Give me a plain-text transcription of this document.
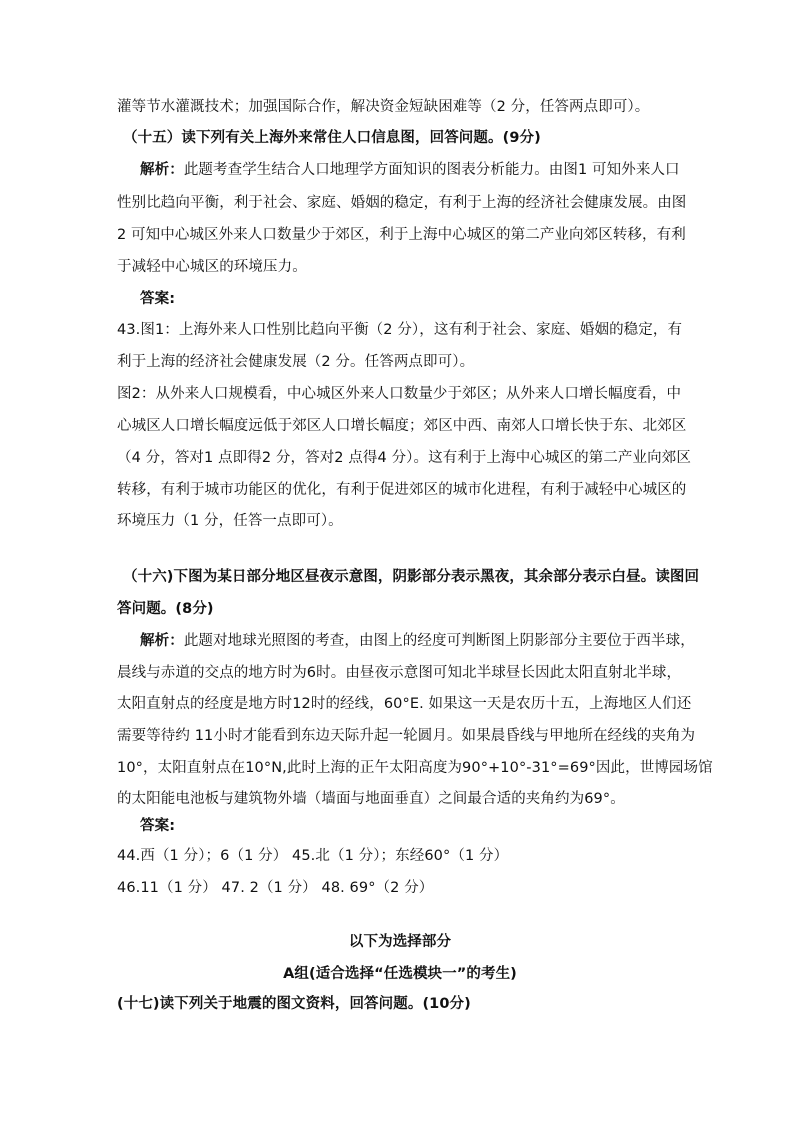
灌等节水灌溉技术；加强国际合作，解决资金短缺困难等（2 分，任答两点即可）。
（十五）读下列有关上海外来常住人口信息图，回答问题。(9分)
解析：此题考查学生结合人口地理学方面知识的图表分析能力。由图1 可知外来人口
性别比趋向平衡，利于社会、家庭、婚姻的稳定，有利于上海的经济社会健康发展。由图
2 可知中心城区外来人口数量少于郊区，利于上海中心城区的第二产业向郊区转移，有利
于减轻中心城区的环境压力。
答案:
43.图1：上海外来人口性别比趋向平衡（2 分），这有利于社会、家庭、婚姻的稳定，有
利于上海的经济社会健康发展（2 分。任答两点即可）。
图2：从外来人口规模看，中心城区外来人口数量少于郊区；从外来人口增长幅度看，中
心城区人口增长幅度远低于郊区人口增长幅度；郊区中西、南郊人口增长快于东、北郊区
（4 分，答对1 点即得2 分，答对2 点得4 分）。这有利于上海中心城区的第二产业向郊区
转移，有利于城市功能区的优化，有利于促进郊区的城市化进程，有利于减轻中心城区的
环境压力（1 分，任答一点即可）。
（十六)下图为某日部分地区昼夜示意图，阴影部分表示黑夜，其余部分表示白昼。读图回
答问题。(8分)
解析：此题对地球光照图的考查，由图上的经度可判断图上阴影部分主要位于西半球，
晨线与赤道的交点的地方时为6时。由昼夜示意图可知北半球昼长因此太阳直射北半球，
太阳直射点的经度是地方时12时的经线，60°E. 如果这一天是农历十五，上海地区人们还
需要等待约 11小时才能看到东边天际升起一轮圆月。如果晨昏线与甲地所在经线的夹角为
10°，太阳直射点在10°N,此时上海的正午太阳高度为90°+10°-31°=69°因此，世博园场馆
的太阳能电池板与建筑物外墙（墙面与地面垂直）之间最合适的夹角约为69°。
答案:
44.西（1 分）；6（1 分） 45.北（1 分）；东经60°（1 分）
46.11（1 分） 47. 2（1 分） 48. 69°（2 分）
以下为选择部分
A组(适合选择“任选模块一”的考生)
(十七)读下列关于地震的图文资料，回答问题。(10分)
